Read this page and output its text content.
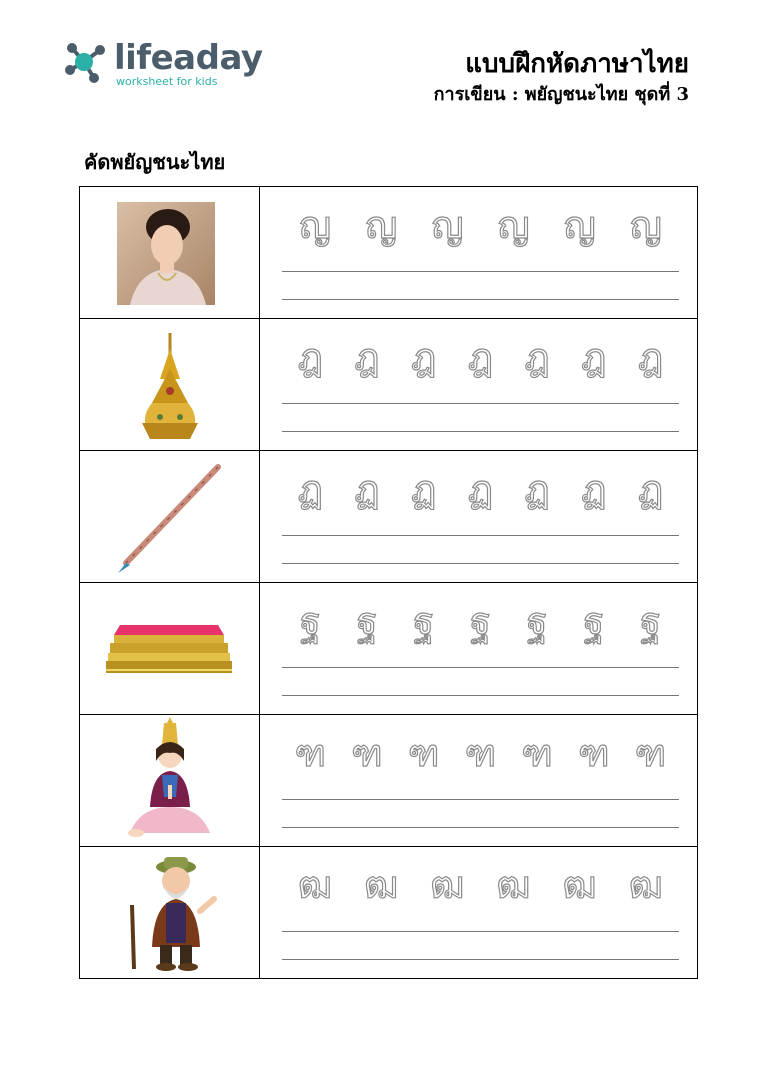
lifeaday
worksheet for kids
แบบฝึกหัดภาษาไทย
การเขียน : พยัญชนะไทย ชุดที่ 3
คัดพยัญชนะไทย
ญ ญ ญ ญ ญ ญ
ฎ ฎ ฎ ฎ ฎ ฎ ฎ
ฏ ฏ ฏ ฏ ฏ ฏ ฏ
ฐ ฐ ฐ ฐ ฐ ฐ ฐ
ฑ ฑ ฑ ฑ ฑ ฑ ฑ
ฒ ฒ ฒ ฒ ฒ ฒ
